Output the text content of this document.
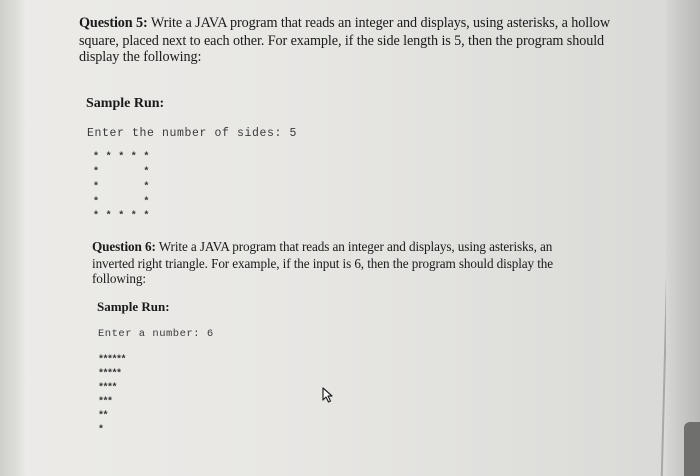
Question 5: Write a JAVA program that reads an integer and displays, using asterisks, a hollow
square, placed next to each other. For example, if the side length is 5, then the program should
display the following:
Sample Run:
Enter the number of sides: 5
* * * * *
*       *
*       *
*       *
* * * * *
Question 6: Write a JAVA program that reads an integer and displays, using asterisks, an
inverted right triangle. For example, if the input is 6, then the program should display the
following:
Sample Run:
Enter a number: 6
******
*****
****
***
**
*
